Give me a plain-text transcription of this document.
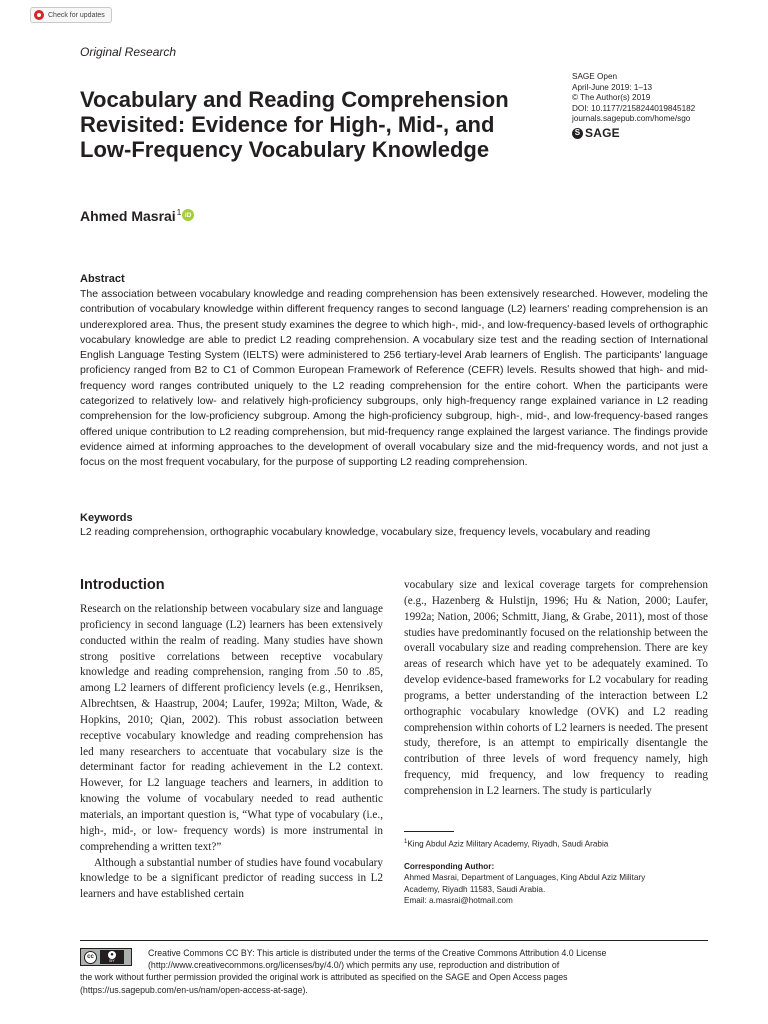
Check for updates
Original Research
Vocabulary and Reading Comprehension
Revisited: Evidence for High-, Mid-, and
Low-Frequency Vocabulary Knowledge
SAGE Open
April-June 2019: 1–13
© The Author(s) 2019
DOI: 10.1177/2158244019845182
journals.sagepub.com/home/sgo
S SAGE
Ahmed Masrai$^1$ iD
Abstract

The association between vocabulary knowledge and reading comprehension has been extensively researched. However, modeling the contribution of vocabulary knowledge within different frequency ranges to second language (L2) learners' reading comprehension is an underexplored area. Thus, the present study examines the degree to which high-, mid-, and low-frequency-based levels of orthographic vocabulary knowledge are able to predict L2 reading comprehension. A vocabulary size test and the reading section of International English Language Testing System (IELTS) were administered to 256 tertiary-level Arab learners of English. The participants' language proficiency ranged from B2 to C1 of Common European Framework of Reference (CEFR) levels. Results showed that high- and mid-frequency word ranges contributed uniquely to the L2 reading comprehension for the entire cohort. When the participants were categorized to relatively low- and relatively high-proficiency subgroups, only high-frequency range explained variance in L2 reading comprehension for the low-proficiency subgroup. Among the high-proficiency subgroup, high-, mid-, and low-frequency-based ranges offered unique contribution to L2 reading comprehension, but mid-frequency range explained the largest variance. The findings provide evidence aimed at informing approaches to the development of overall vocabulary size and the mid-frequency words, and not just a focus on the most frequent vocabulary, for the purpose of supporting L2 reading comprehension.

Keywords

L2 reading comprehension, orthographic vocabulary knowledge, vocabulary size, frequency levels, vocabulary and reading

Introduction

Research on the relationship between vocabulary size and language proficiency in second language (L2) learners has been extensively conducted within the realm of reading. Many studies have shown strong positive correlations between receptive vocabulary knowledge and reading comprehension, ranging from .50 to .85, among L2 learners of different proficiency levels (e.g., Henriksen, Albrechtsen, & Haastrup, 2004; Laufer, 1992a; Milton, Wade, & Hopkins, 2010; Qian, 2002). This robust association between receptive vocabulary knowledge and reading comprehension has led many researchers to accentuate that vocabulary size is the determinant factor for reading achievement in the L2 context. However, for L2 language teachers and learners, in addition to knowing the volume of vocabulary needed to read authentic materials, an important question is, “What type of vocabulary (i.e., high-, mid-, or low- frequency words) is more instrumental in comprehending a written text?”

Although a substantial number of studies have found vocabulary knowledge to be a significant predictor of reading success in L2 learners and have established certain

vocabulary size and lexical coverage targets for comprehension (e.g., Hazenberg & Hulstijn, 1996; Hu & Nation, 2000; Laufer, 1992a; Nation, 2006; Schmitt, Jiang, & Grabe, 2011), most of those studies have predominantly focused on the relationship between the overall vocabulary size and reading comprehension. There are key areas of research which have yet to be adequately examined. To develop evidence-based frameworks for L2 vocabulary for reading programs, a better understanding of the interaction between L2 orthographic vocabulary knowledge (OVK) and L2 reading comprehension within cohorts of L2 learners is needed. The present study, therefore, is an attempt to empirically disentangle the contribution of three levels of word frequency namely, high frequency, mid frequency, and low frequency to reading comprehension in L2 learners. The study is particularly

$^1$King Abdul Aziz Military Academy, Riyadh, Saudi Arabia
Corresponding Author:
Ahmed Masrai, Department of Languages, King Abdul Aziz Military
Academy, Riyadh 11583, Saudi Arabia.
Email: a.masrai@hotmail.com
cc	●
BY
Creative Commons CC BY: This article is distributed under the terms of the Creative Commons Attribution 4.0 License
(http://www.creativecommons.org/licenses/by/4.0/) which permits any use, reproduction and distribution of
the work without further permission provided the original work is attributed as specified on the SAGE and Open Access pages
(https://us.sagepub.com/en-us/nam/open-access-at-sage).
